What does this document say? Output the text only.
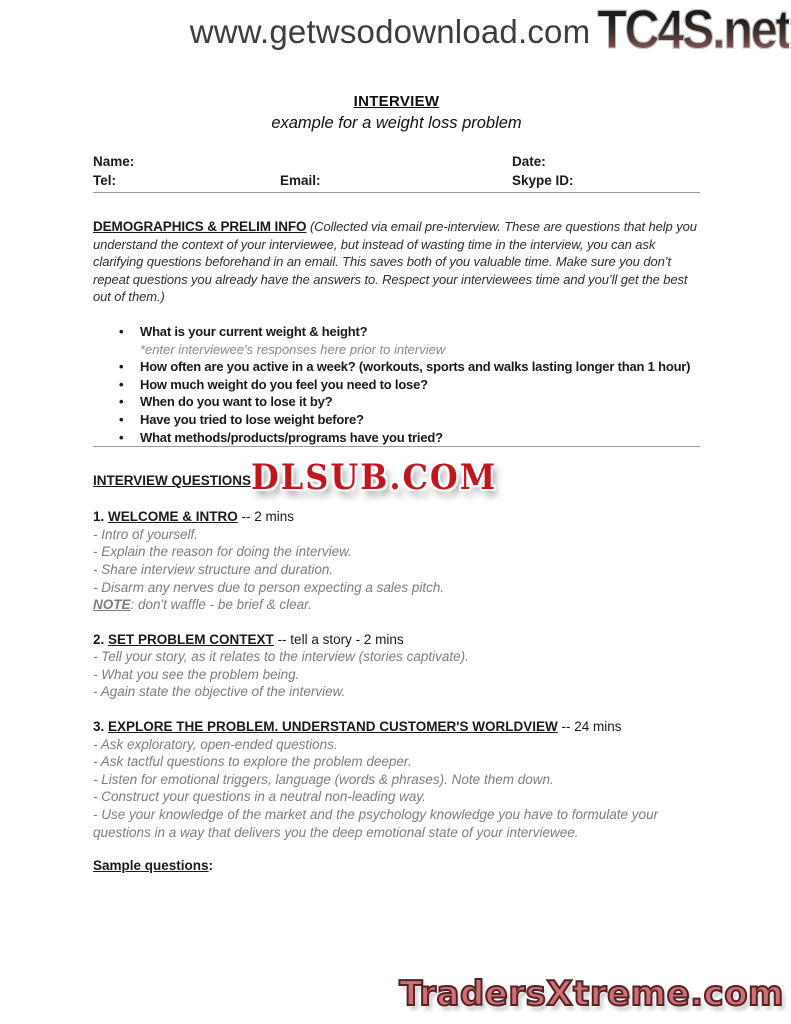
www.getwsodownload.com TC4S.net
INTERVIEW
example for a weight loss problem
Name:	Date:
Tel:	Email:	Skype ID:

DEMOGRAPHICS & PRELIM INFO (Collected via email pre-interview. These are questions that help you understand the context of your interviewee, but instead of wasting time in the interview, you can ask clarifying questions beforehand in an email. This saves both of you valuable time. Make sure you don’t repeat questions you already have the answers to. Respect your interviewees time and you’ll get the best out of them.)

• What is your current weight & height?
*enter interviewee's responses here prior to interview
• How often are you active in a week? (workouts, sports and walks lasting longer than 1 hour)
• How much weight do you feel you need to lose?
• When do you want to lose it by?
• Have you tried to lose weight before?
• What methods/products/programs have you tried?
INTERVIEW QUESTIONS DLSUB.COM
1. WELCOME & INTRO -- 2 mins
- Intro of yourself.
- Explain the reason for doing the interview.
- Share interview structure and duration.
- Disarm any nerves due to person expecting a sales pitch.
NOTE: don't waffle - be brief & clear.
2. SET PROBLEM CONTEXT -- tell a story - 2 mins
- Tell your story, as it relates to the interview (stories captivate).
- What you see the problem being.
- Again state the objective of the interview.
3. EXPLORE THE PROBLEM. UNDERSTAND CUSTOMER'S WORLDVIEW -- 24 mins
- Ask exploratory, open-ended questions.
- Ask tactful questions to explore the problem deeper.
- Listen for emotional triggers, language (words & phrases). Note them down.
- Construct your questions in a neutral non-leading way.
- Use your knowledge of the market and the psychology knowledge you have to formulate your questions in a way that delivers you the deep emotional state of your interviewee.
Sample questions:
TradersXtreme.com
